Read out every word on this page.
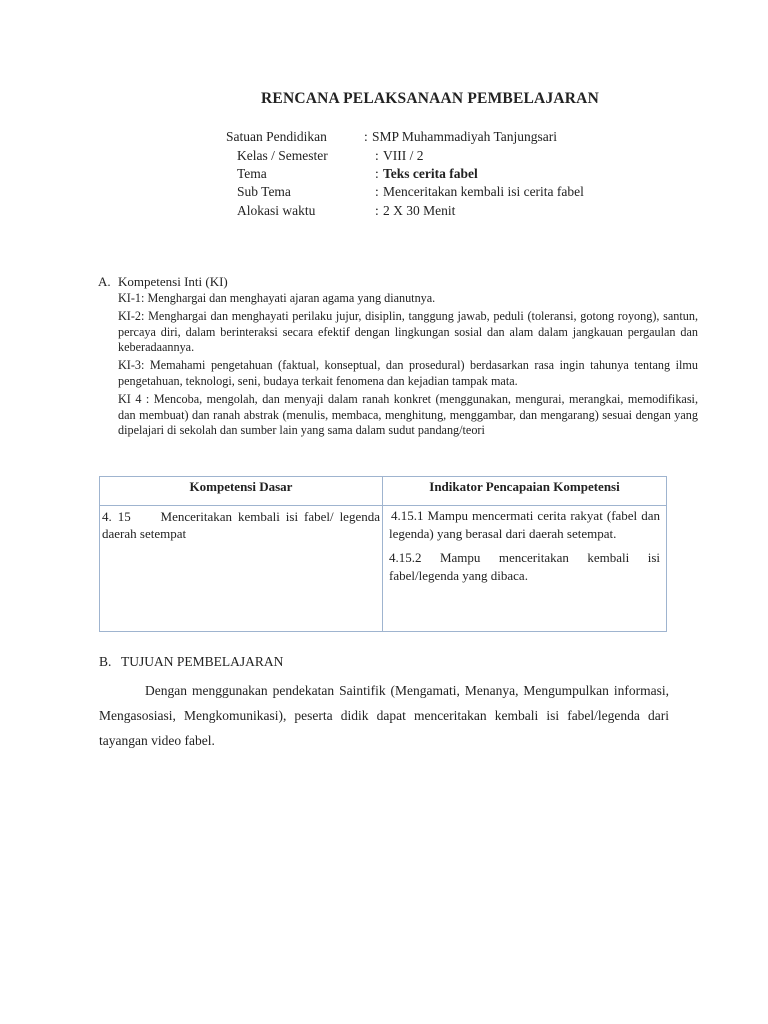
RENCANA PELAKSANAAN PEMBELAJARAN
Satuan Pendidikan	: SMP Muhammadiyah Tanjungsari
Kelas / Semester	: VIII / 2
Tema	: Teks cerita fabel
Sub Tema	: Menceritakan kembali isi cerita fabel
Alokasi waktu	: 2 X 30 Menit
A. Kompetensi Inti (KI)

KI-1: Menghargai dan menghayati ajaran agama yang dianutnya.

KI-2: Menghargai dan menghayati perilaku jujur, disiplin, tanggung jawab, peduli (toleransi, gotong royong), santun, percaya diri, dalam berinteraksi secara efektif dengan lingkungan sosial dan alam dalam jangkauan pergaulan dan keberadaannya.

KI-3: Memahami pengetahuan (faktual, konseptual, dan prosedural) berdasarkan rasa ingin tahunya tentang ilmu pengetahuan, teknologi, seni, budaya terkait fenomena dan kejadian tampak mata.

KI 4 : Mencoba, mengolah, dan menyaji dalam ranah konkret (menggunakan, mengurai, merangkai, memodifikasi, dan membuat) dan ranah abstrak (menulis, membaca, menghitung, menggambar, dan mengarang) sesuai dengan yang dipelajari di sekolah dan sumber lain yang sama dalam sudut pandang/teori

Kompetensi Dasar	Indikator Pencapaian Kompetensi

4. 15     Menceritakan kembali isi fabel/ legenda daerah setempat	4.15.1 Mampu mencermati cerita rakyat (fabel dan legenda) yang berasal dari daerah setempat.

4.15.2 Mampu menceritakan kembali isi fabel/legenda yang dibaca.

B. TUJUAN PEMBELAJARAN
Dengan menggunakan pendekatan Saintifik (Mengamati, Menanya, Mengumpulkan informasi, Mengasosiasi, Mengkomunikasi), peserta didik dapat menceritakan kembali isi fabel/legenda dari tayangan video fabel.
